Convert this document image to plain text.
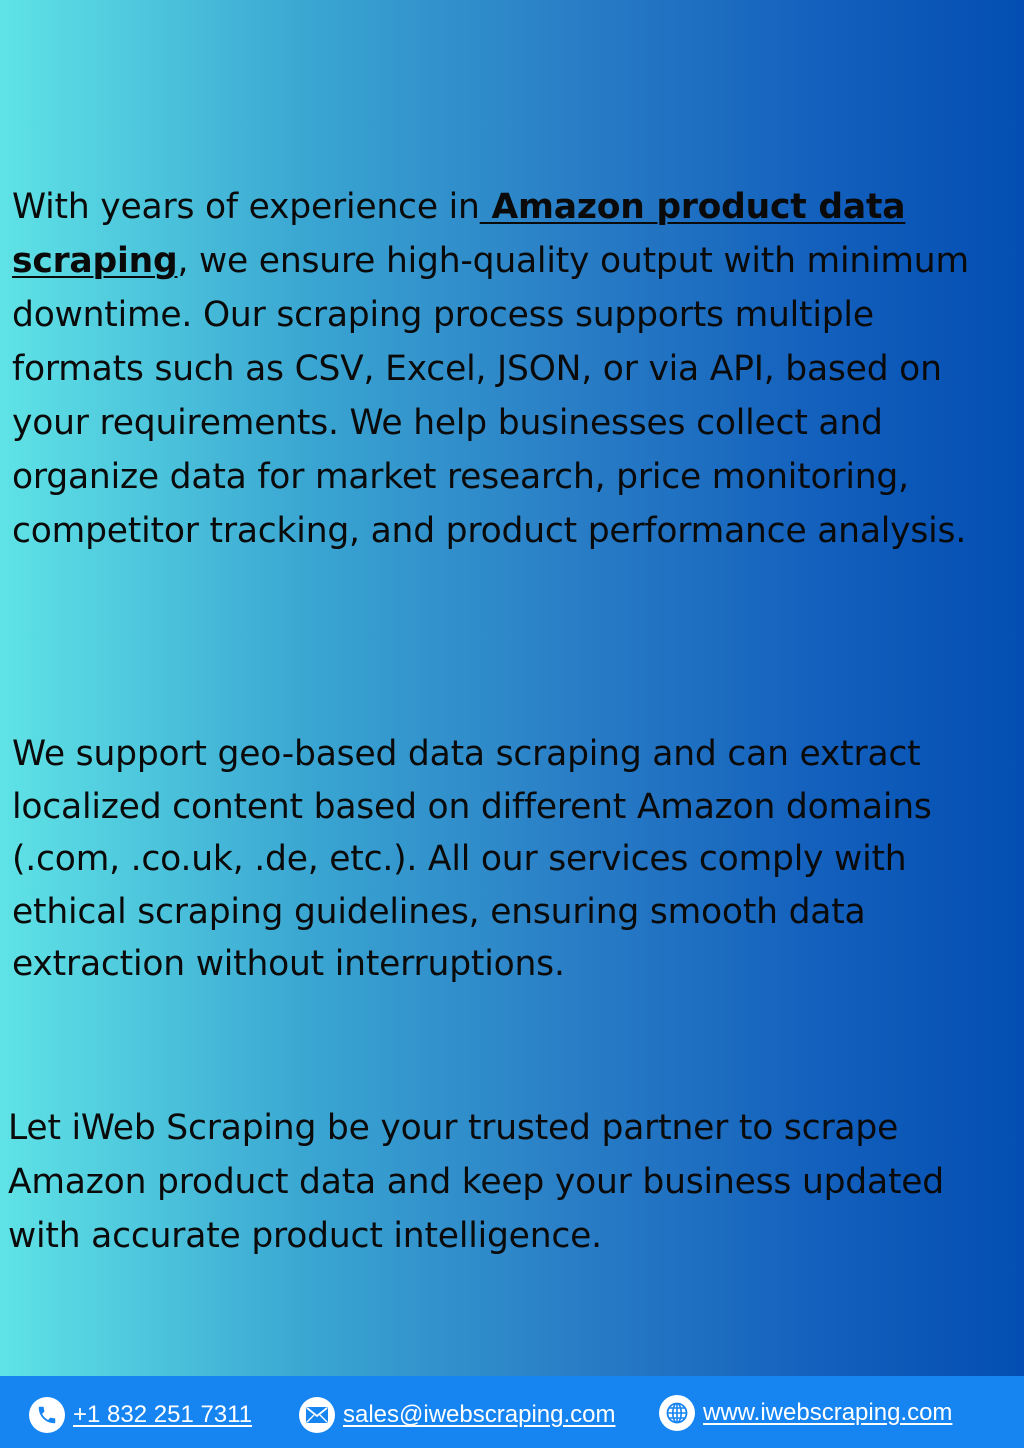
With years of experience in Amazon product data scraping, we ensure high-quality output with minimum downtime. Our scraping process supports multiple formats such as CSV, Excel, JSON, or via API, based on your requirements. We help businesses collect and organize data for market research, price monitoring, competitor tracking, and product performance analysis.

We support geo-based data scraping and can extract localized content based on different Amazon domains (.com, .co.uk, .de, etc.). All our services comply with ethical scraping guidelines, ensuring smooth data extraction without interruptions.

Let iWeb Scraping be your trusted partner to scrape Amazon product data and keep your business updated with accurate product intelligence.

+1 832 251 7311	sales@iwebscraping.com	www.iwebscraping.com
